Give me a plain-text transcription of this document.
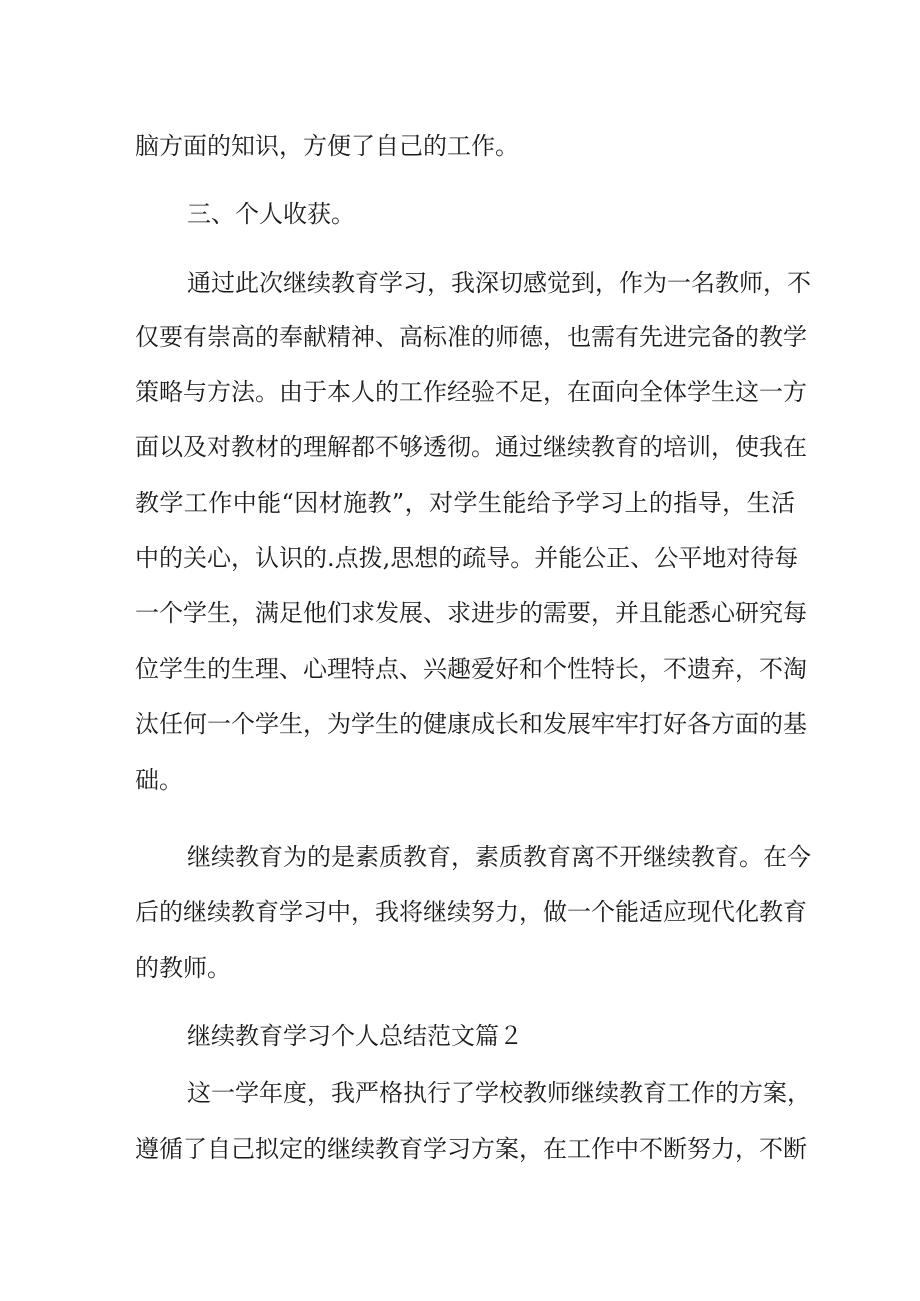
脑方面的知识，方便了自己的工作。

三、个人收获。

通过此次继续教育学习，我深切感觉到，作为一名教师，不

仅要有崇高的奉献精神、高标准的师德，也需有先进完备的教学

策略与方法。由于本人的工作经验不足，在面向全体学生这一方

面以及对教材的理解都不够透彻。通过继续教育的培训，使我在

教学工作中能“因材施教”，对学生能给予学习上的指导，生活

中的关心，认识的.点拨,思想的疏导。并能公正、公平地对待每

一个学生，满足他们求发展、求进步的需要，并且能悉心研究每

位学生的生理、心理特点、兴趣爱好和个性特长，不遗弃，不淘

汰任何一个学生，为学生的健康成长和发展牢牢打好各方面的基

础。

继续教育为的是素质教育，素质教育离不开继续教育。在今

后的继续教育学习中，我将继续努力，做一个能适应现代化教育

的教师。

继续教育学习个人总结范文篇２

这一学年度，我严格执行了学校教师继续教育工作的方案，

遵循了自己拟定的继续教育学习方案，在工作中不断努力，不断
